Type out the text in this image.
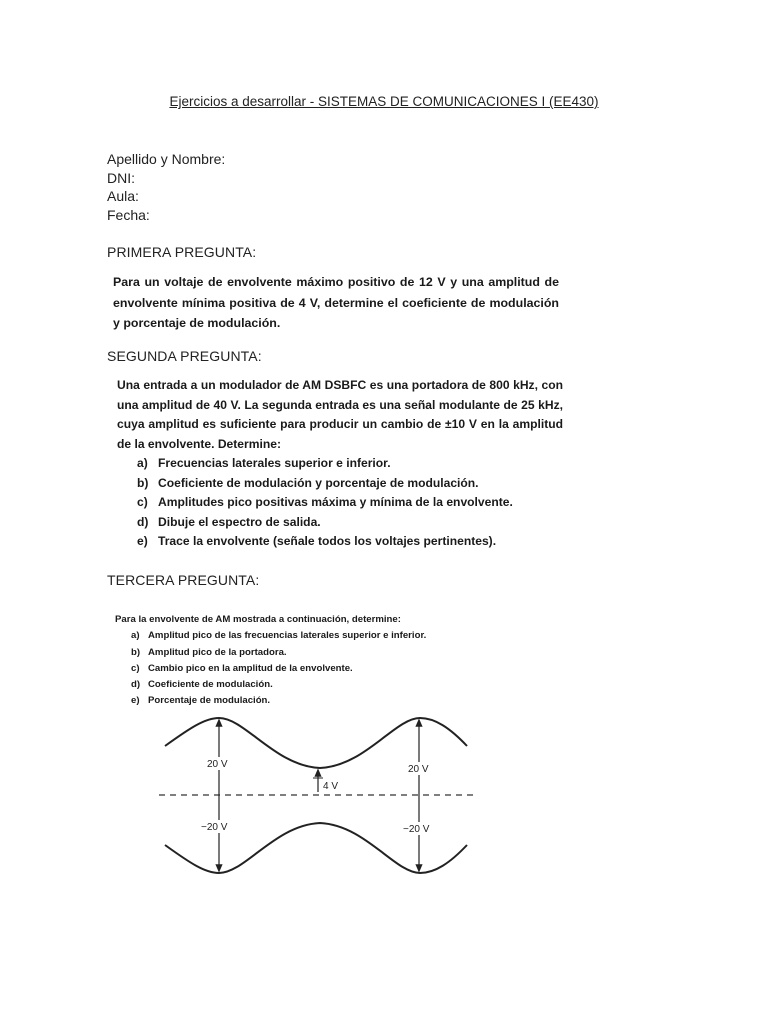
Ejercicios a desarrollar - SISTEMAS DE COMUNICACIONES I (EE430)
Apellido y Nombre:
DNI:
Aula:
Fecha:
PRIMERA PREGUNTA:
Para un voltaje de envolvente máximo positivo de 12 V y una amplitud de envolvente mínima positiva de 4 V, determine el coeficiente de modulación y porcentaje de modulación.
SEGUNDA PREGUNTA:
Una entrada a un modulador de AM DSBFC es una portadora de 800 kHz, con una amplitud de 40 V. La segunda entrada es una señal modulante de 25 kHz, cuya amplitud es suficiente para producir un cambio de ±10 V en la amplitud de la envolvente. Determine:
a) Frecuencias laterales superior e inferior.
b) Coeficiente de modulación y porcentaje de modulación.
c) Amplitudes pico positivas máxima y mínima de la envolvente.
d) Dibuje el espectro de salida.
e) Trace la envolvente (señale todos los voltajes pertinentes).
TERCERA PREGUNTA:
Para la envolvente de AM mostrada a continuación, determine:
a) Amplitud pico de las frecuencias laterales superior e inferior.
b) Amplitud pico de la portadora.
c) Cambio pico en la amplitud de la envolvente.
d) Coeficiente de modulación.
e) Porcentaje de modulación.
20 V	20 V
4 V
−20 V	−20 V
